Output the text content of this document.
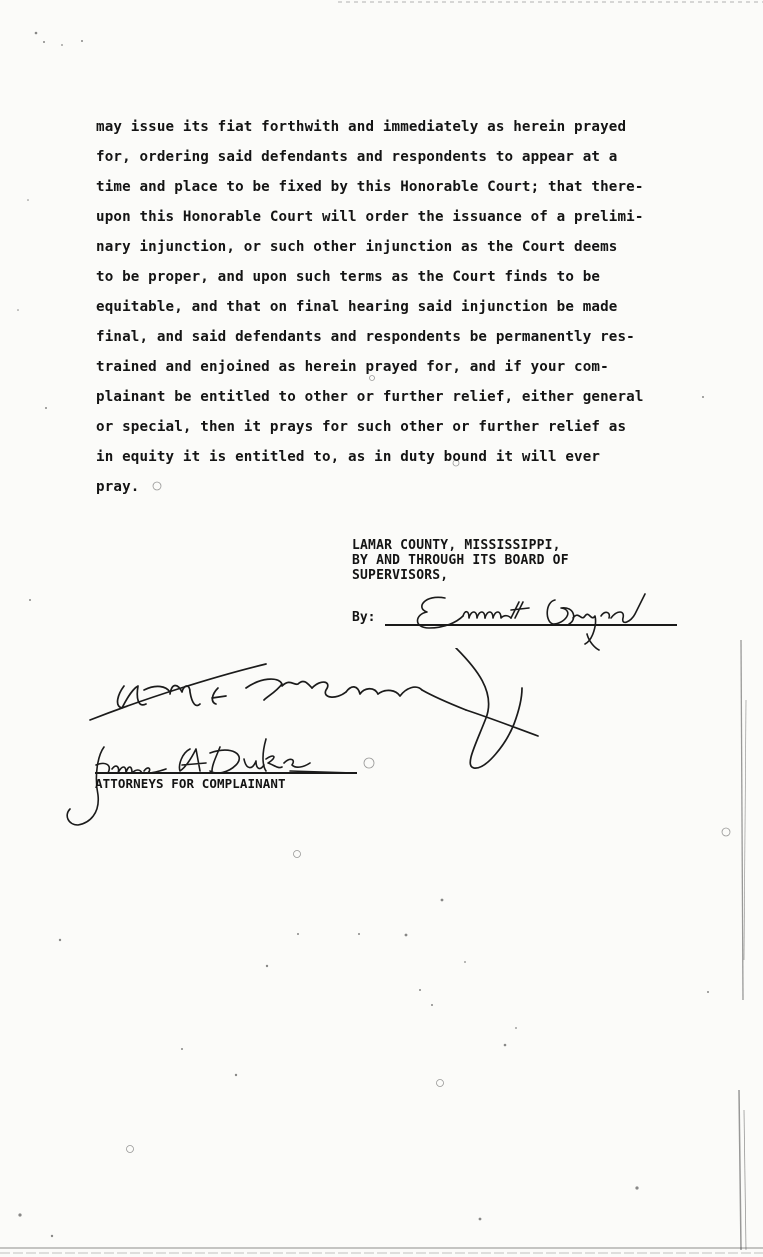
may issue its fiat forthwith and immediately as herein prayed
for, ordering said defendants and respondents to appear at a
time and place to be fixed by this Honorable Court; that there-
upon this Honorable Court will order the issuance of a prelimi-
nary injunction, or such other injunction as the Court deems
to be proper, and upon such terms as the Court finds to be
equitable, and that on final hearing said injunction be made
final, and said defendants and respondents be permanently res-
trained and enjoined as herein prayed for, and if your com-
plainant be entitled to other or further relief, either general
or special, then it prays for such other or further relief as
in equity it is entitled to, as in duty bound it will ever
pray.
LAMAR COUNTY, MISSISSIPPI,
BY AND THROUGH ITS BOARD OF
SUPERVISORS,
By:
ATTORNEYS FOR COMPLAINANT
